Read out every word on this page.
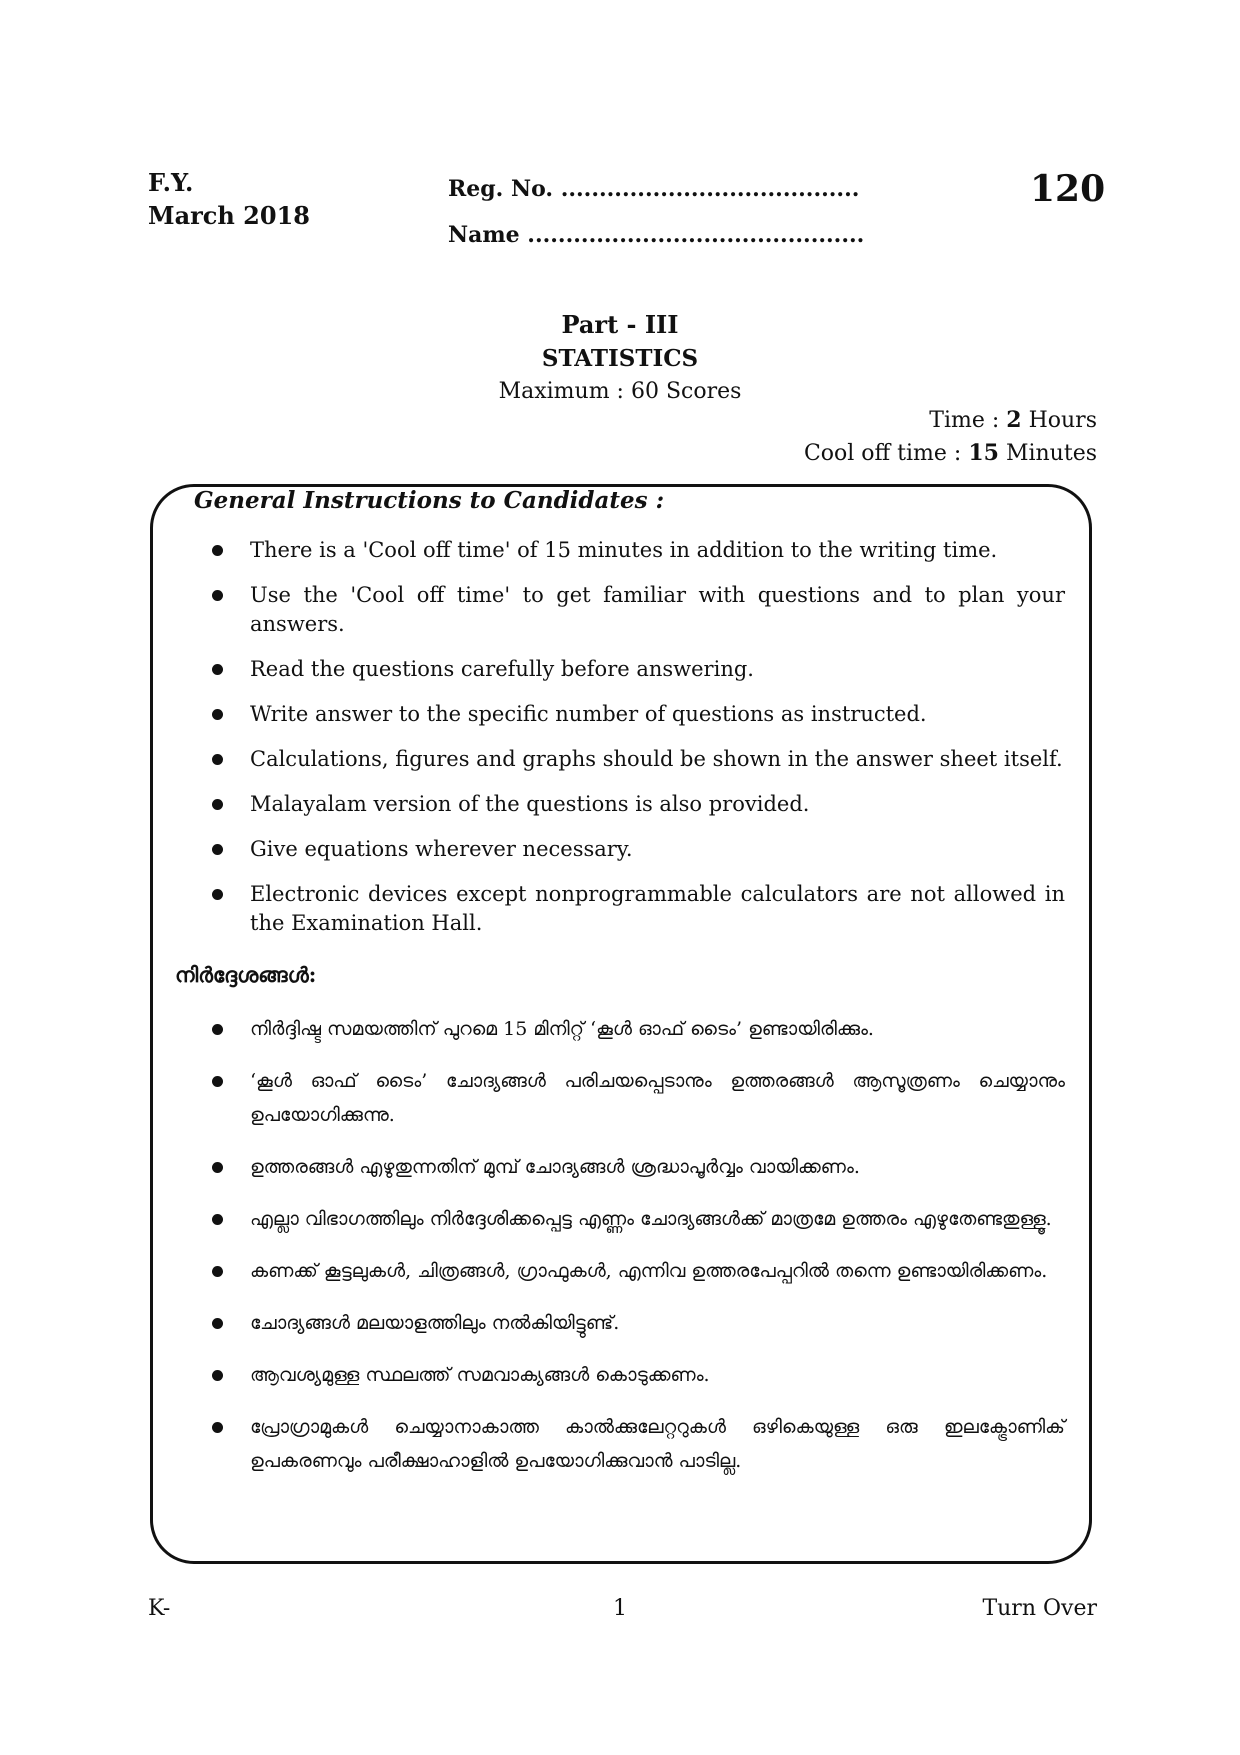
F.Y.
March 2018
Reg. No. .......................................
Name ............................................
120
Part - III
STATISTICS
Maximum : 60 Scores
Time : 2 Hours
Cool off time : 15 Minutes
General Instructions to Candidates :
There is a 'Cool off time' of 15 minutes in addition to the writing time.
Use the 'Cool off time' to get familiar with questions and to plan your answers.
Read the questions carefully before answering.
Write answer to the specific number of questions as instructed.
Calculations, figures and graphs should be shown in the answer sheet itself.
Malayalam version of the questions is also provided.
Give equations wherever necessary.
Electronic devices except nonprogrammable calculators are not allowed in the Examination Hall.
നിർദ്ദേശങ്ങൾ:
നിർദ്ദിഷ്ട സമയത്തിന് പുറമെ 15 മിനിറ്റ് ‘കൂൾ ഓഫ് ടൈം’ ഉണ്ടായിരിക്കും.
‘കൂൾ ഓഫ് ടൈം’ ചോദ്യങ്ങൾ പരിചയപ്പെടാനും ഉത്തരങ്ങൾ ആസൂത്രണം ചെയ്യാനും ഉപയോഗിക്കുന്നു.
ഉത്തരങ്ങൾ എഴുതുന്നതിന് മുമ്പ് ചോദ്യങ്ങൾ ശ്രദ്ധാപൂർവ്വം വായിക്കണം.
എല്ലാ വിഭാഗത്തിലും നിർദ്ദേശിക്കപ്പെട്ട എണ്ണം ചോദ്യങ്ങൾക്ക് മാത്രമേ ഉത്തരം എഴുതേണ്ടതുള്ളൂ.
കണക്ക് കൂട്ടലുകൾ, ചിത്രങ്ങൾ, ഗ്രാഫുകൾ, എന്നിവ ഉത്തരപേപ്പറിൽ തന്നെ ഉണ്ടായിരിക്കണം.
ചോദ്യങ്ങൾ മലയാളത്തിലും നൽകിയിട്ടുണ്ട്.
ആവശ്യമുള്ള സ്ഥലത്ത് സമവാക്യങ്ങൾ കൊടുക്കണം.
പ്രോഗ്രാമുകൾ ചെയ്യാനാകാത്ത കാൽക്കുലേറ്ററുകൾ ഒഴികെയുള്ള ഒരു ഇലക്ട്രോണിക് ഉപകരണവും പരീക്ഷാഹാളിൽ ഉപയോഗിക്കുവാൻ പാടില്ല.
K-	1	Turn Over
